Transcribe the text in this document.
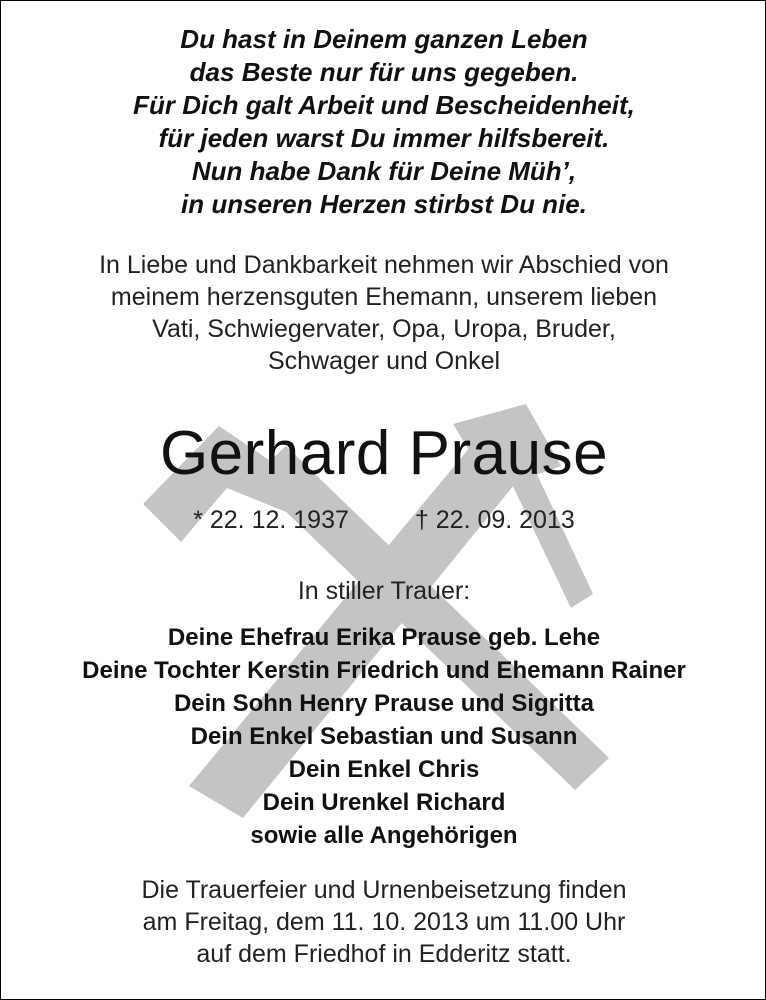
Du hast in Deinem ganzen Leben
das Beste nur für uns gegeben.
Für Dich galt Arbeit und Bescheidenheit,
für jeden warst Du immer hilfsbereit.
Nun habe Dank für Deine Müh’,
in unseren Herzen stirbst Du nie.
In Liebe und Dankbarkeit nehmen wir Abschied von
meinem herzensguten Ehemann, unserem lieben
Vati, Schwiegervater, Opa, Uropa, Bruder,
Schwager und Onkel
Gerhard Prause
* 22. 12. 1937	† 22. 09. 2013
In stiller Trauer:
Deine Ehefrau Erika Prause geb. Lehe
Deine Tochter Kerstin Friedrich und Ehemann Rainer
Dein Sohn Henry Prause und Sigritta
Dein Enkel Sebastian und Susann
Dein Enkel Chris
Dein Urenkel Richard
sowie alle Angehörigen
Die Trauerfeier und Urnenbeisetzung finden
am Freitag, dem 11. 10. 2013 um 11.00 Uhr
auf dem Friedhof in Edderitz statt.
